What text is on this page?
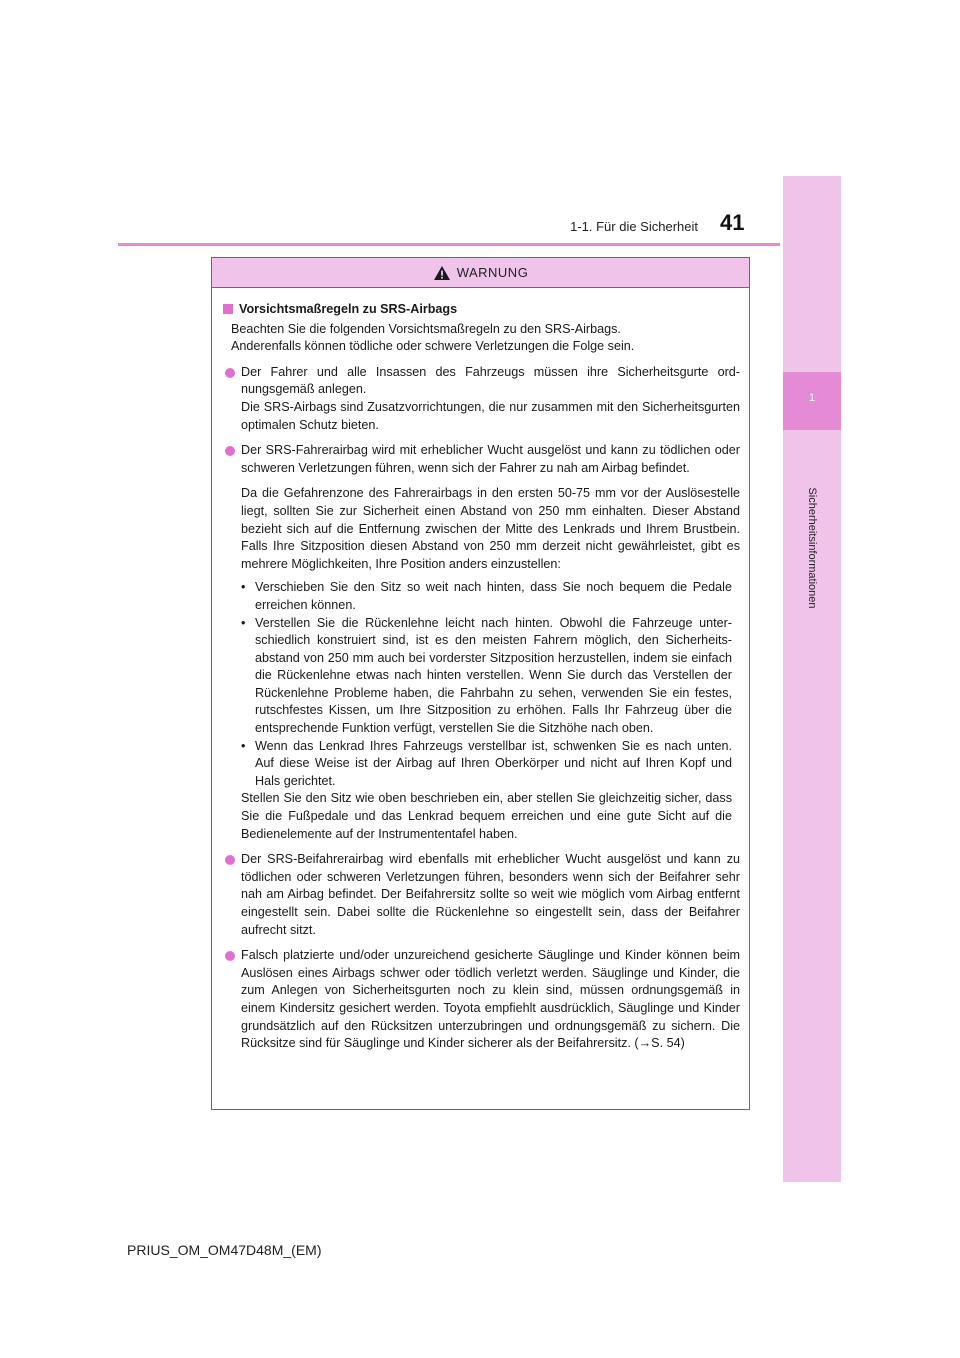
1-1. Für die Sicherheit 41
1
Sicherheitsinformationen
WARNUNG
Vorsichtsmaßregeln zu SRS-Airbags
Beachten Sie die folgenden Vorsichtsmaßregeln zu den SRS-Airbags.
Anderenfalls können tödliche oder schwere Verletzungen die Folge sein.
Der Fahrer und alle Insassen des Fahrzeugs müssen ihre Sicherheitsgurte ordnungsgemäß anlegen.
Die SRS-Airbags sind Zusatzvorrichtungen, die nur zusammen mit den Sicherheitsgurten optimalen Schutz bieten.
Der SRS-Fahrerairbag wird mit erheblicher Wucht ausgelöst und kann zu tödlichen oder schweren Verletzungen führen, wenn sich der Fahrer zu nah am Airbag befindet.
Da die Gefahrenzone des Fahrerairbags in den ersten 50-75 mm vor der Auslösestelle liegt, sollten Sie zur Sicherheit einen Abstand von 250 mm einhalten. Dieser Abstand bezieht sich auf die Entfernung zwischen der Mitte des Lenkrads und Ihrem Brustbein. Falls Ihre Sitzposition diesen Abstand von 250 mm derzeit nicht gewährleistet, gibt es mehrere Möglichkeiten, Ihre Position anders einzustellen:
• Verschieben Sie den Sitz so weit nach hinten, dass Sie noch bequem die Pedale erreichen können.
• Verstellen Sie die Rückenlehne leicht nach hinten. Obwohl die Fahrzeuge unterschiedlich konstruiert sind, ist es den meisten Fahrern möglich, den Sicherheitsabstand von 250 mm auch bei vorderster Sitzposition herzustellen, indem sie einfach die Rückenlehne etwas nach hinten verstellen. Wenn Sie durch das Verstellen der Rückenlehne Probleme haben, die Fahrbahn zu sehen, verwenden Sie ein festes, rutschfestes Kissen, um Ihre Sitzposition zu erhöhen. Falls Ihr Fahrzeug über die entsprechende Funktion verfügt, verstellen Sie die Sitzhöhe nach oben.
• Wenn das Lenkrad Ihres Fahrzeugs verstellbar ist, schwenken Sie es nach unten. Auf diese Weise ist der Airbag auf Ihren Oberkörper und nicht auf Ihren Kopf und Hals gerichtet.
Stellen Sie den Sitz wie oben beschrieben ein, aber stellen Sie gleichzeitig sicher, dass Sie die Fußpedale und das Lenkrad bequem erreichen und eine gute Sicht auf die Bedienelemente auf der Instrumententafel haben.
Der SRS-Beifahrerairbag wird ebenfalls mit erheblicher Wucht ausgelöst und kann zu tödlichen oder schweren Verletzungen führen, besonders wenn sich der Beifahrer sehr nah am Airbag befindet. Der Beifahrersitz sollte so weit wie möglich vom Airbag entfernt eingestellt sein. Dabei sollte die Rückenlehne so eingestellt sein, dass der Beifahrer aufrecht sitzt.
Falsch platzierte und/oder unzureichend gesicherte Säuglinge und Kinder können beim Auslösen eines Airbags schwer oder tödlich verletzt werden. Säuglinge und Kinder, die zum Anlegen von Sicherheitsgurten noch zu klein sind, müssen ordnungsgemäß in einem Kindersitz gesichert werden. Toyota empfiehlt ausdrücklich, Säuglinge und Kinder grundsätzlich auf den Rücksitzen unterzubringen und ordnungsgemäß zu sichern. Die Rücksitze sind für Säuglinge und Kinder sicherer als der Beifahrersitz. (→S. 54)
PRIUS_OM_OM47D48M_(EM)
